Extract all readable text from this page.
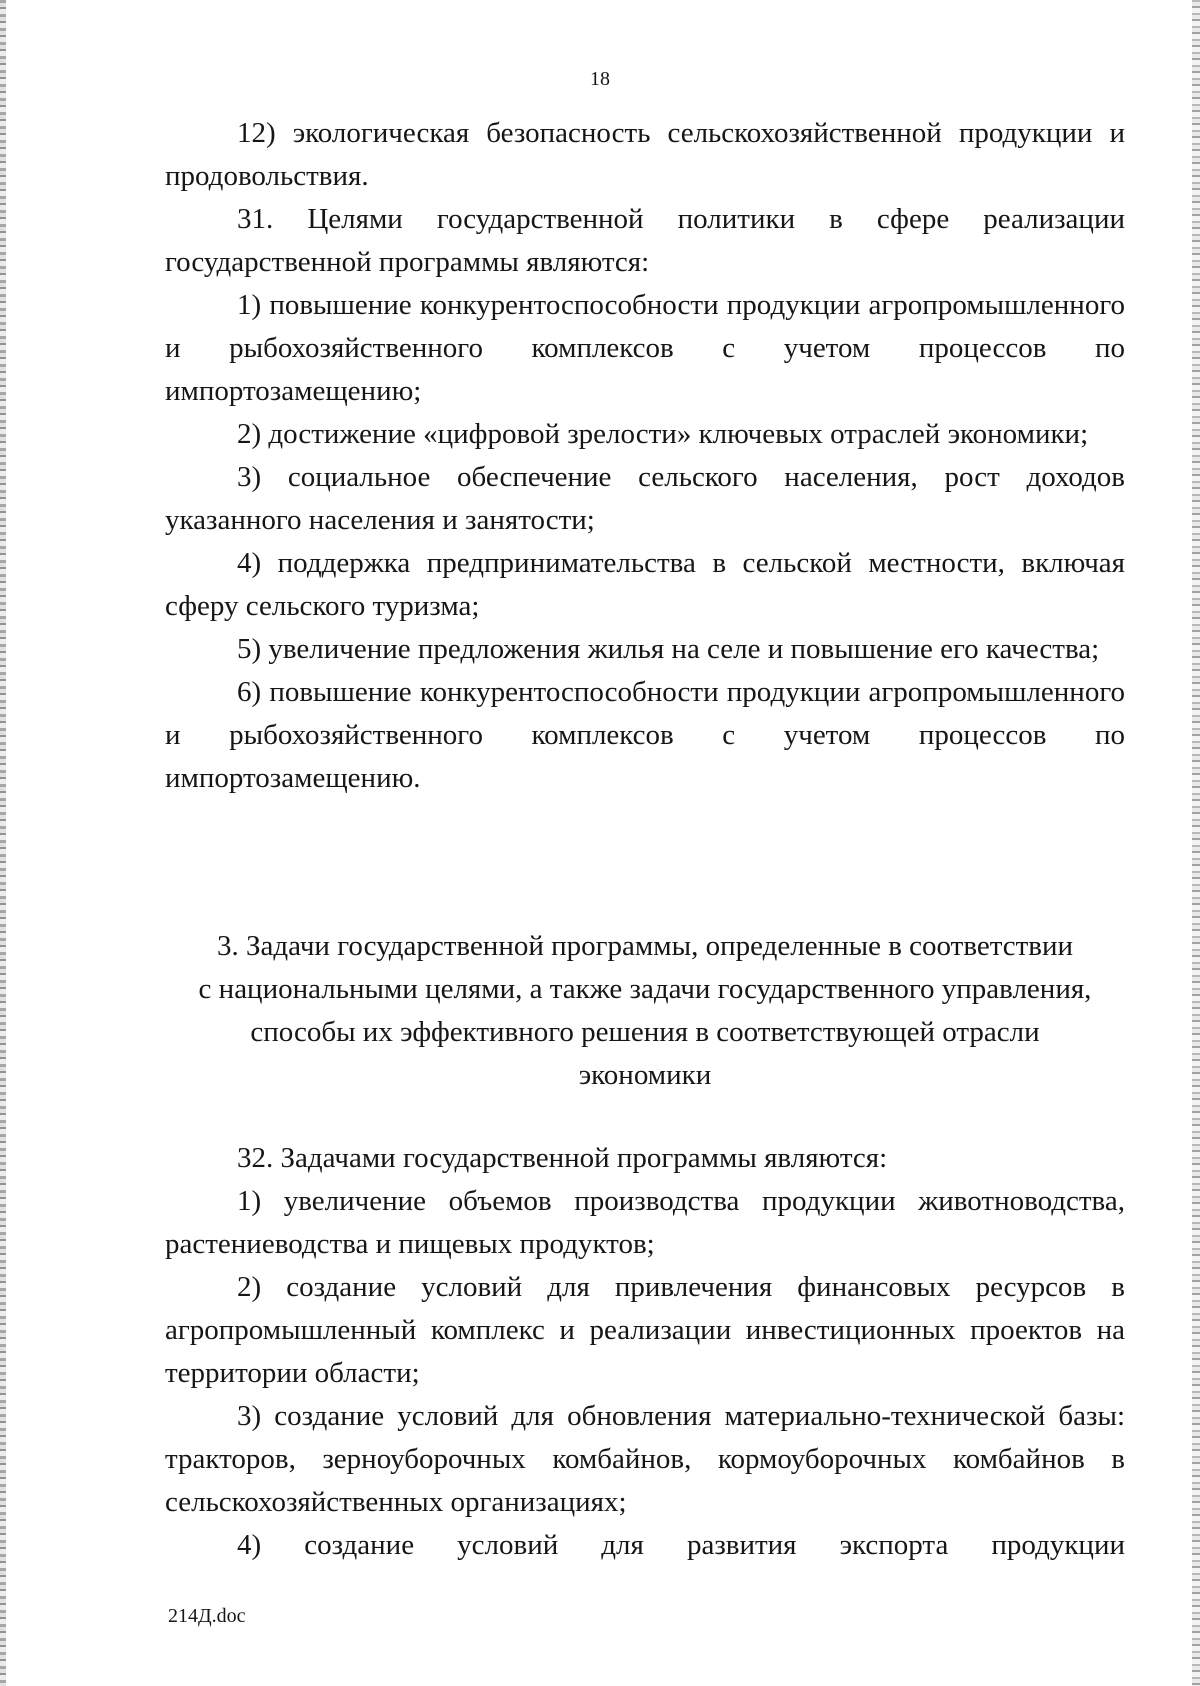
18

12) экологическая безопасность сельскохозяйственной продукции и продовольствия.

31. Целями государственной политики в сфере реализации государственной программы являются:

1) повышение конкурентоспособности продукции агропромышленного и рыбохозяйственного комплексов с учетом процессов по импортозамещению;

2) достижение «цифровой зрелости» ключевых отраслей экономики;

3) социальное обеспечение сельского населения, рост доходов указанного населения и занятости;

4) поддержка предпринимательства в сельской местности, включая сферу сельского туризма;

5) увеличение предложения жилья на селе и повышение его качества;

6) повышение конкурентоспособности продукции агропромышленного и рыбохозяйственного комплексов с учетом процессов по импортозамещению.

3. Задачи государственной программы, определенные в соответствии

с национальными целями, а также задачи государственного управления,

способы их эффективного решения в соответствующей отрасли

экономики

32. Задачами государственной программы являются:

1) увеличение объемов производства продукции животноводства, растениеводства и пищевых продуктов;

2) создание условий для привлечения финансовых ресурсов в агропромышленный комплекс и реализации инвестиционных проектов на территории области;

3) создание условий для обновления материально-технической базы: тракторов, зерноуборочных комбайнов, кормоуборочных комбайнов в сельскохозяйственных организациях;

4) создание условий для развития экспорта продукции

214Д.doc
